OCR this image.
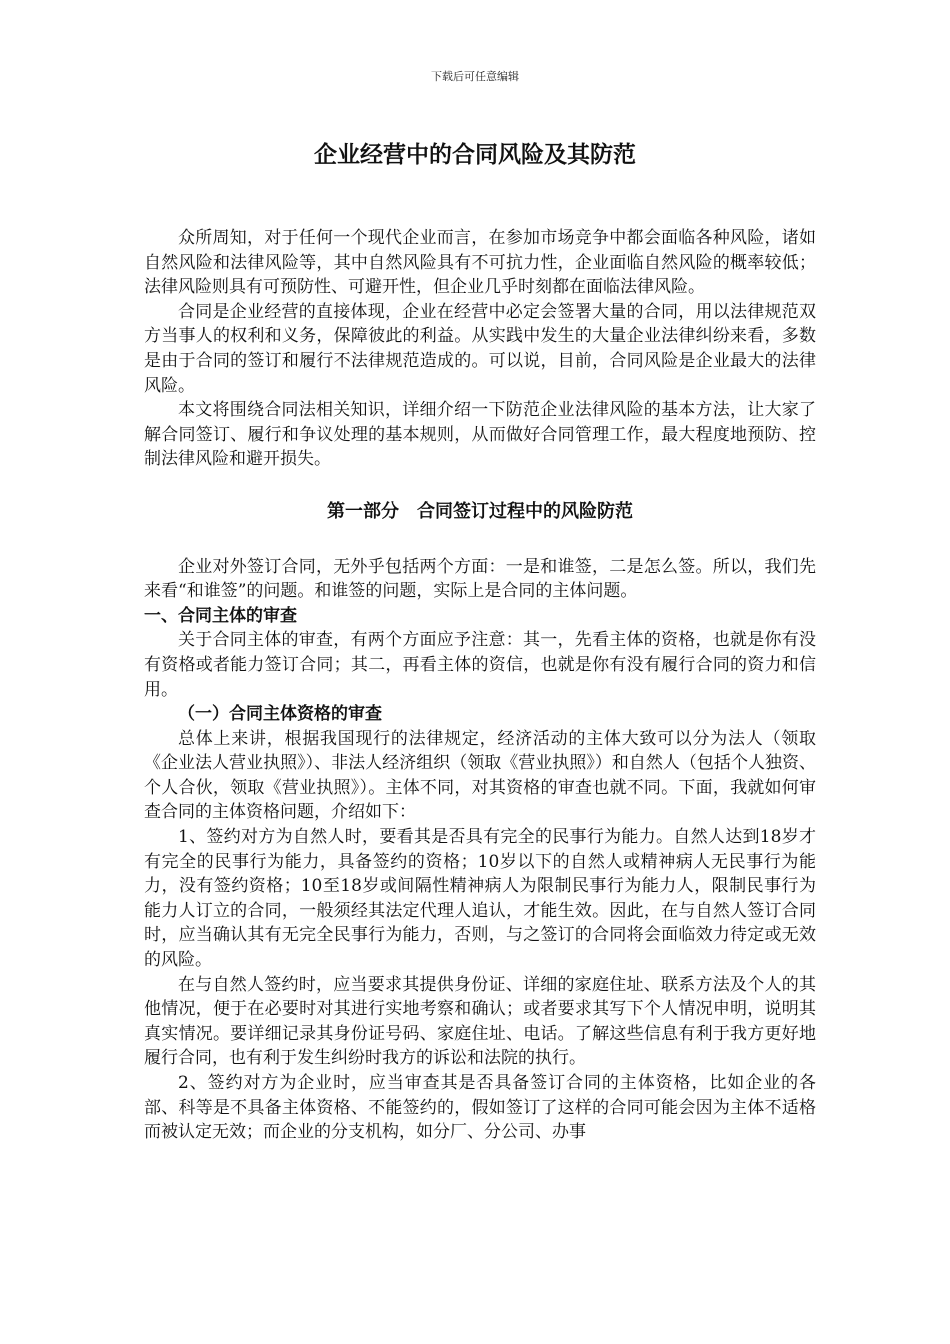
下载后可任意编辑
企业经营中的合同风险及其防范

众所周知，对于任何一个现代企业而言，在参加市场竞争中都会面临各种风险，诸如自然风险和法律风险等，其中自然风险具有不可抗力性，企业面临自然风险的概率较低；法律风险则具有可预防性、可避开性，但企业几乎时刻都在面临法律风险。

合同是企业经营的直接体现，企业在经营中必定会签署大量的合同，用以法律规范双方当事人的权利和义务，保障彼此的利益。从实践中发生的大量企业法律纠纷来看，多数是由于合同的签订和履行不法律规范造成的。可以说，目前，合同风险是企业最大的法律风险。

本文将围绕合同法相关知识，详细介绍一下防范企业法律风险的基本方法，让大家了解合同签订、履行和争议处理的基本规则，从而做好合同管理工作，最大程度地预防、控制法律风险和避开损失。

第一部分　合同签订过程中的风险防范

企业对外签订合同，无外乎包括两个方面：一是和谁签，二是怎么签。所以，我们先来看“和谁签”的问题。和谁签的问题，实际上是合同的主体问题。

一、合同主体的审查

关于合同主体的审查，有两个方面应予注意：其一，先看主体的资格，也就是你有没有资格或者能力签订合同；其二，再看主体的资信，也就是你有没有履行合同的资力和信用。

（一）合同主体资格的审查

总体上来讲，根据我国现行的法律规定，经济活动的主体大致可以分为法人（领取《企业法人营业执照》）、非法人经济组织（领取《营业执照》）和自然人（包括个人独资、个人合伙，领取《营业执照》）。主体不同，对其资格的审查也就不同。下面，我就如何审查合同的主体资格问题，介绍如下：

1、签约对方为自然人时，要看其是否具有完全的民事行为能力。自然人达到18岁才有完全的民事行为能力，具备签约的资格；10岁以下的自然人或精神病人无民事行为能力，没有签约资格；10至18岁或间隔性精神病人为限制民事行为能力人，限制民事行为能力人订立的合同，一般须经其法定代理人追认，才能生效。因此，在与自然人签订合同时，应当确认其有无完全民事行为能力，否则，与之签订的合同将会面临效力待定或无效的风险。

在与自然人签约时，应当要求其提供身份证、详细的家庭住址、联系方法及个人的其他情况，便于在必要时对其进行实地考察和确认；或者要求其写下个人情况申明，说明其真实情况。要详细记录其身份证号码、家庭住址、电话。了解这些信息有利于我方更好地履行合同，也有利于发生纠纷时我方的诉讼和法院的执行。

2、签约对方为企业时，应当审查其是否具备签订合同的主体资格，比如企业的各部、科等是不具备主体资格、不能签约的，假如签订了这样的合同可能会因为主体不适格而被认定无效；而企业的分支机构，如分厂、分公司、办事
